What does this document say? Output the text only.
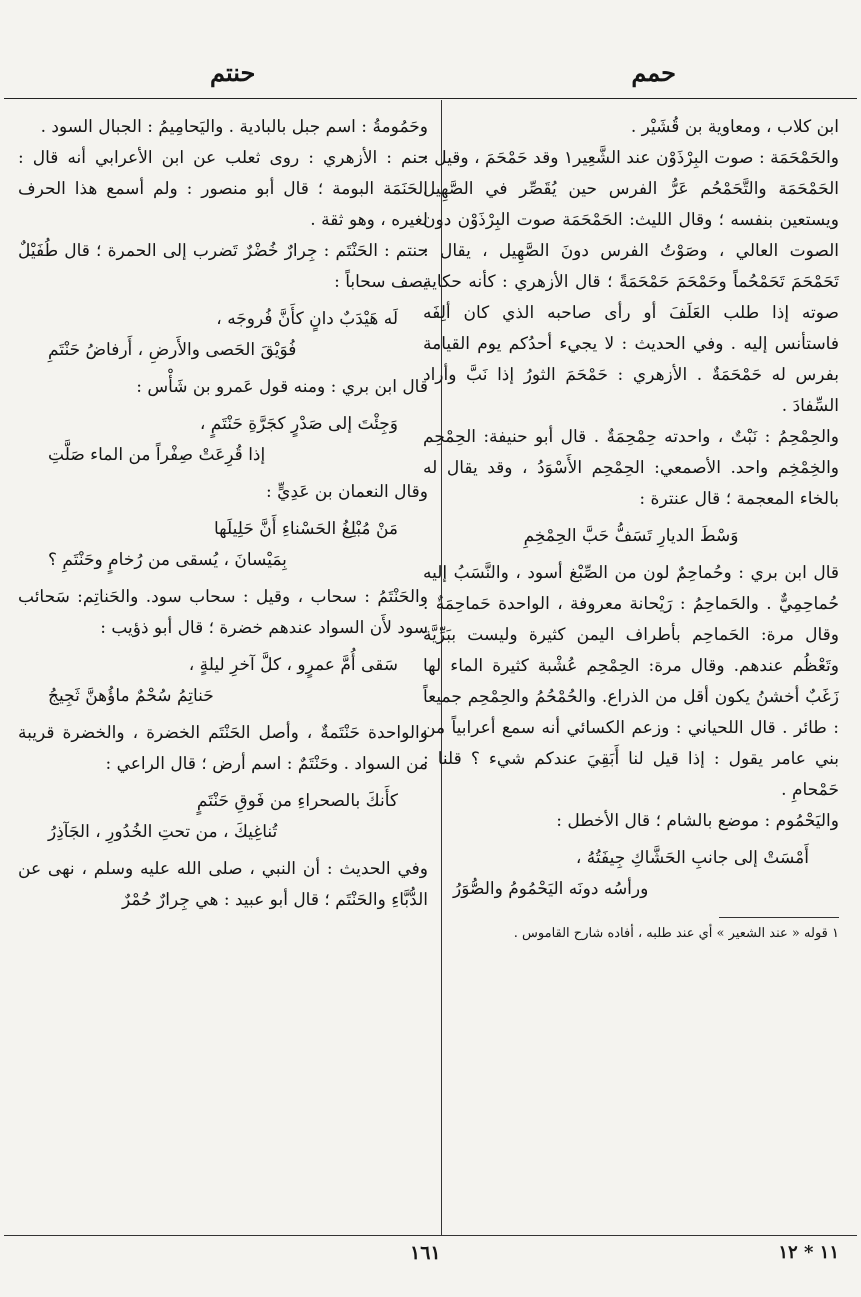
حمم
حنتم

ابن كلاب ، ومعاوية بن قُشَيْر .

والحَمْحَمَة : صوت البِرْذَوْن عند الشَّعِير١ وقد حَمْحَمَ ، وقيل : الحَمْحَمَة والتَّحَمْحُم عَرُّ الفرس حين يُقَصِّر في الصَّهِيل ويستعين بنفسه ؛ وقال الليث: الحَمْحَمَة صوت البِرْذَوْن دون الصوت العالي ، وصَوْتُ الفرس دونَ الصَّهِيل ، يقال : تَحَمْحَمَ تَحَمْحُماً وحَمْحَمَ حَمْحَمَةً ؛ قال الأزهري : كأنه حكاية صوته إذا طلب العَلَفَ أو رأى صاحبه الذي كان ألِفَه فاستأنس إليه . وفي الحديث : لا يجيء أحدُكم يوم القيامة بفرس له حَمْحَمَةٌ . الأزهري : حَمْحَمَ الثورُ إذا نَبَّ وأراد السِّفادَ .

والحِمْحِمُ : نَبْتٌ ، واحدته حِمْحِمَةٌ . قال أبو حنيفة: الحِمْحِم والخِمْخِم واحد. الأصمعي: الحِمْحِم الأَسْوَدُ ، وقد يقال له بالخاء المعجمة ؛ قال عنترة :

وَسْطَ الديارِ تَسَفُّ حَبَّ الحِمْخِمِ

قال ابن بري : وحُماحِمٌ لون من الصِّبْغ أسود ، والنَّسَبُ إليه حُماحِمِيٌّ . والحَماحِمُ : رَيْحانة معروفة ، الواحدة حَماحِمَةٌ . وقال مرة: الحَماحِم بأطراف اليمن كثيرة وليست ببَرِّيَّة وتَعْظُم عندهم. وقال مرة: الحِمْحِم عُشْبة كثيرة الماء لها زَغَبٌ أخشنُ يكون أقل من الذراع. والحُمْحُمُ والحِمْحِم جميعاً : طائر . قال اللحياني : وزعم الكسائي أنه سمع أعرابياً من بني عامر يقول : إذا قيل لنا أَبَقِيَ عندكم شيء ؟ قلنا : حَمْحامِ .

واليَحْمُوم : موضع بالشام ؛ قال الأخطل :

أَمْسَتْ إلى جانبِ الحَشَّاكِ جِيفَتُهُ ،
ورأسُه دونَه اليَحْمُومُ والصُّوَرُ

١ قوله « عند الشعير » أي عند طلبه ، أفاده شارح القاموس .

وحَمُومةُ : اسم جبل بالبادية . واليَحامِيمُ : الجبال السود .

حنم : الأزهري : روى ثعلب عن ابن الأعرابي أنه قال : الحَنَمَة البومة ؛ قال أبو منصور : ولم أسمع هذا الحرف لغيره ، وهو ثقة .

حنتم : الحَنْتَم : جِرارٌ خُضْرٌ تَضرب إلى الحمرة ؛ قال طُفَيْلٌ يصف سحاباً :

لَه هَيْدَبٌ دانٍ كأَنَّ فُروجَه ،
فُوَيْقَ الحَصى والأَرضِ ، أَرفاضُ حَنْتَمِ

قال ابن بري : ومنه قول عَمرو بن شَأْس :

وَجِئْتَ إلى صَدْرٍ كجَرَّةِ حَنْتَمٍ ،
إذا قُرِعَتْ صِفْراً من الماء صَلَّتِ

وقال النعمان بن عَدِيٍّ :

مَنْ مُبْلِغُ الحَسْناءِ أَنَّ حَلِيلَها
بِمَيْسانَ ، يُسقى من رُخامٍ وحَنْتَمِ ؟

والحَنْتَمُ : سحاب ، وقيل : سحاب سود. والحَناتِم: سَحائب سود لأَن السواد عندهم خضرة ؛ قال أبو ذؤيب :

سَقى أُمَّ عمرٍو ، كلَّ آخرِ ليلةٍ ،
حَناتِمُ سُحْمٌ ماؤُهنَّ ثَجِيجُ

والواحدة حَنْتَمةٌ ، وأصل الحَنْتَم الخضرة ، والخضرة قريبة من السواد . وحَنْتَمٌ : اسم أرض ؛ قال الراعي :

كأَنكَ بالصحراءِ من فَوقِ حَنْتَمٍ
تُناغِيكَ ، من تحتِ الخُدُورِ ، الجَآذِرُ

وفي الحديث : أن النبي ، صلى الله عليه وسلم ، نهى عن الدُّبَّاءِ والحَنْتَم ؛ قال أبو عبيد : هي جِرارٌ حُمْرٌ

١٦١	١١ * ١٢
